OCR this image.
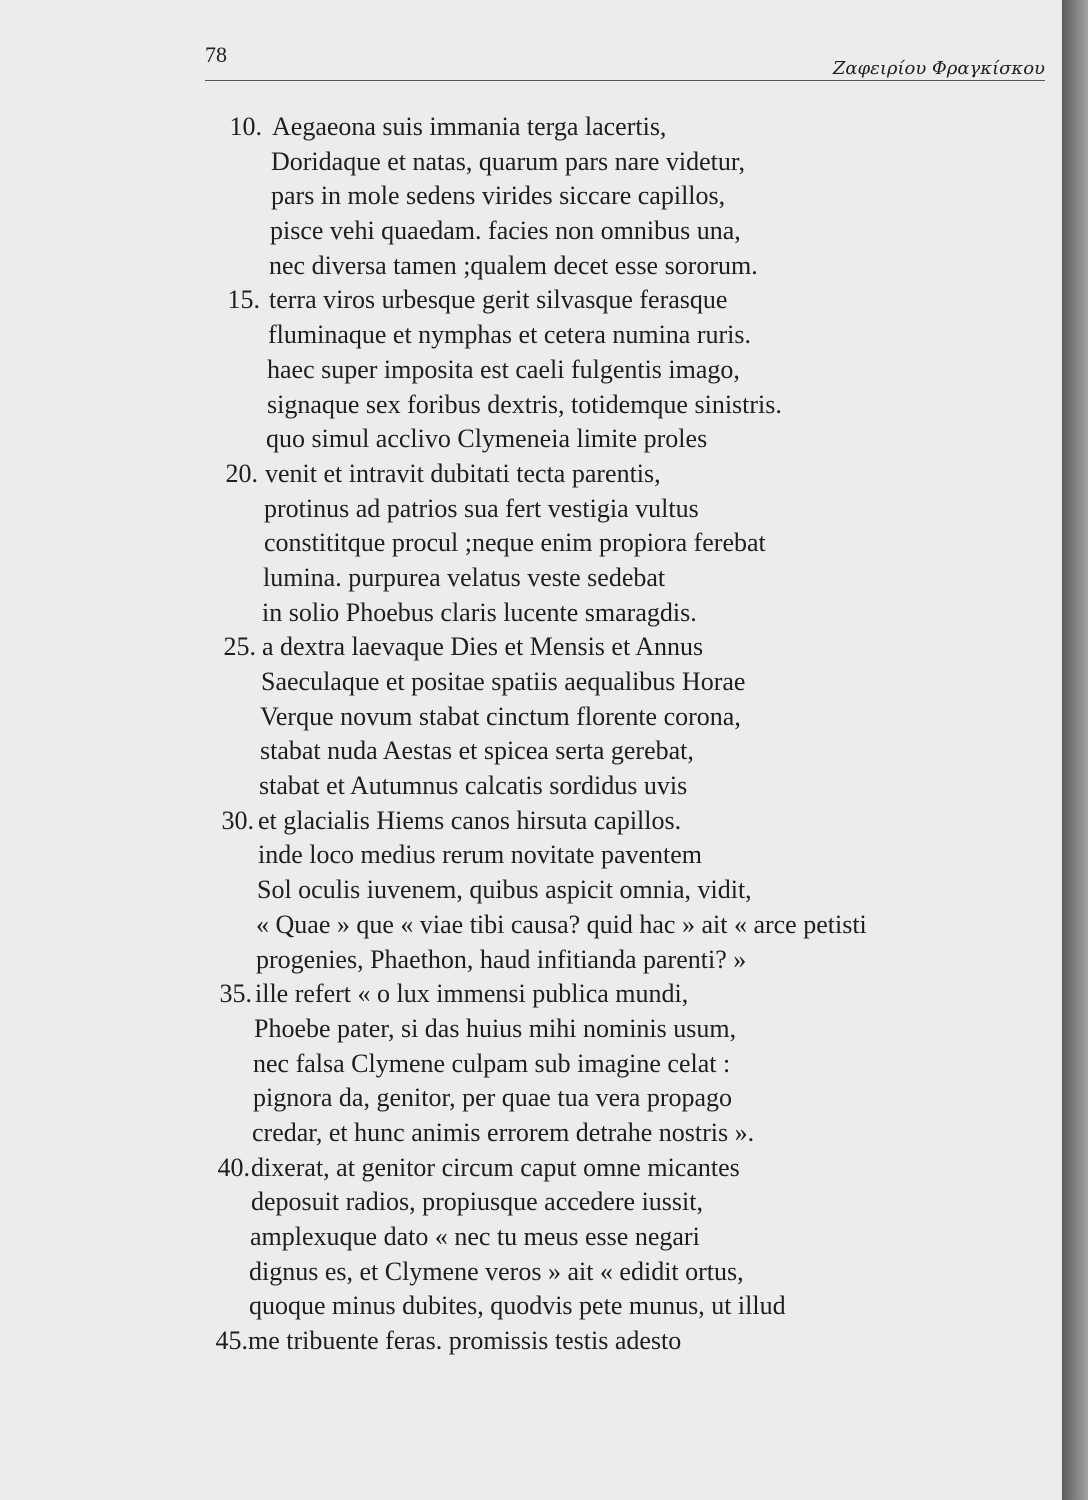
78
Ζαφειρίου Φραγκίσκου
10. Aegaeona suis immania terga lacertis,
Doridaque et natas, quarum pars nare videtur,
pars in mole sedens virides siccare capillos,
pisce vehi quaedam. facies non omnibus una,
nec diversa tamen ;qualem decet esse sororum.
15. terra viros urbesque gerit silvasque ferasque
fluminaque et nymphas et cetera numina ruris.
haec super imposita est caeli fulgentis imago,
signaque sex foribus dextris, totidemque sinistris.
quo simul acclivo Clymeneia limite proles
20. venit et intravit dubitati tecta parentis,
protinus ad patrios sua fert vestigia vultus
constititque procul ;neque enim propiora ferebat
lumina. purpurea velatus veste sedebat
in solio Phoebus claris lucente smaragdis.
25. a dextra laevaque Dies et Mensis et Annus
Saeculaque et positae spatiis aequalibus Horae
Verque novum stabat cinctum florente corona,
stabat nuda Aestas et spicea serta gerebat,
stabat et Autumnus calcatis sordidus uvis
30. et glacialis Hiems canos hirsuta capillos.
inde loco medius rerum novitate paventem
Sol oculis iuvenem, quibus aspicit omnia, vidit,
« Quae » que « viae tibi causa? quid hac » ait « arce petisti
progenies, Phaethon, haud infitianda parenti? »
35. ille refert « o lux immensi publica mundi,
Phoebe pater, si das huius mihi nominis usum,
nec falsa Clymene culpam sub imagine celat :
pignora da, genitor, per quae tua vera propago
credar, et hunc animis errorem detrahe nostris ».
40. dixerat, at genitor circum caput omne micantes
deposuit radios, propiusque accedere iussit,
amplexuque dato « nec tu meus esse negari
dignus es, et Clymene veros » ait « edidit ortus,
quoque minus dubites, quodvis pete munus, ut illud
45. me tribuente feras. promissis testis adesto
